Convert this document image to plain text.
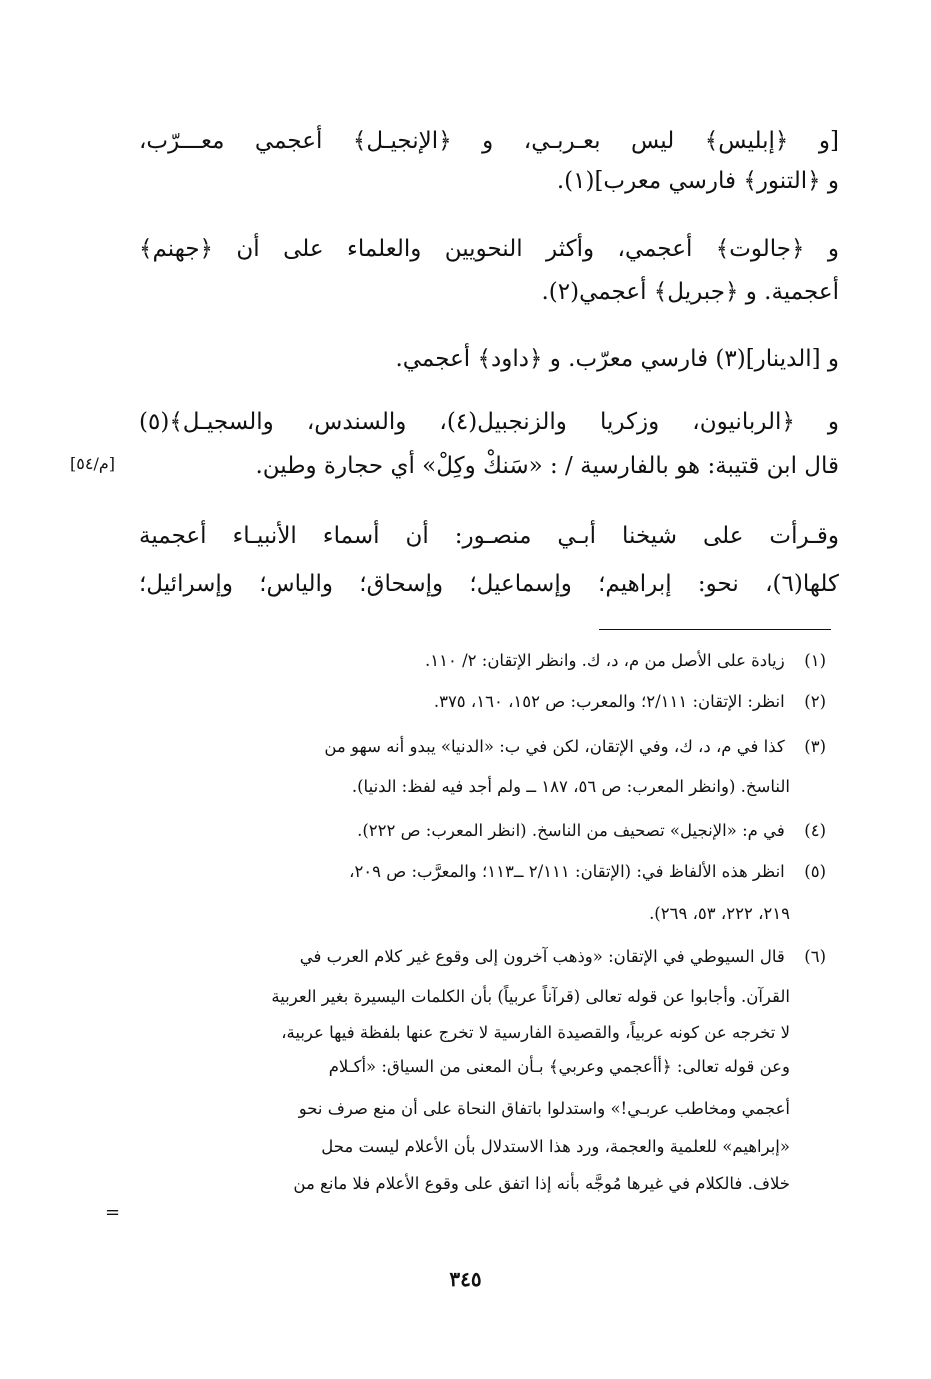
[و ﴿إبليس﴾ ليس بعـربـي، و ﴿الإنجيـل﴾ أعجمي معـــرّب،
و ﴿التنور﴾ فارسي معرب](١).
و ﴿جالوت﴾ أعجمي، وأكثر النحويين والعلماء على أن ﴿جهنم﴾
أعجمية. و ﴿جبريل﴾ أعجمي(٢).
و [الدينار](٣) فارسي معرّب. و ﴿داود﴾ أعجمي.
و ﴿الربانيون، وزكريا والزنجبيل(٤)، والسندس، والسجيـل﴾(٥)
قال ابن قتيبة: هو بالفارسية / : «سَنكْ وكِلْ» أي حجارة وطين.
وقـرأت على شيخنا أبـي منصـور: أن أسماء الأنبيـاء أعجمية
كلها(٦)، نحو: إبراهيم؛ وإسماعيل؛ وإسحاق؛ والياس؛ وإسرائيل؛
[م/٥٤]
(١) زيادة على الأصل من م، د، ك. وانظر الإتقان: ٢/ ١١٠.
(٢) انظر: الإتقان: ٢/١١١؛ والمعرب: ص ١٥٢، ١٦٠، ٣٧٥.
(٣) كذا في م، د، ك، وفي الإتقان، لكن في ب: «الدنيا» يبدو أنه سهو من
الناسخ. (وانظر المعرب: ص ٥٦، ١٨٧ ــ ولم أجد فيه لفظ: الدنيا).
(٤) في م: «الإنجيل» تصحيف من الناسخ. (انظر المعرب: ص ٢٢٢).
(٥) انظر هذه الألفاظ في: (الإتقان: ٢/١١١ ــ١١٣؛ والمعرَّب: ص ٢٠٩،
٢١٩، ٢٢٢، ٥٣، ٢٦٩).
(٦) قال السيوطي في الإتقان: «وذهب آخرون إلى وقوع غير كلام العرب في
القرآن. وأجابوا عن قوله تعالى (قرآناً عربياً) بأن الكلمات اليسيرة بغير العربية
لا تخرجه عن كونه عربياً، والقصيدة الفارسية لا تخرج عنها بلفظة فيها عربية،
وعن قوله تعالى: ﴿أأعجمي وعربي﴾ بـأن المعنى من السياق: «أكـلام
أعجمي ومخاطب عربـي!» واستدلوا باتفاق النحاة على أن منع صرف نحو
«إبراهيم» للعلمية والعجمة، ورد هذا الاستدلال بأن الأعلام ليست محل
خلاف. فالكلام في غيرها مُوجَّه بأنه إذا اتفق على وقوع الأعلام فلا مانع من
=
٣٤٥
